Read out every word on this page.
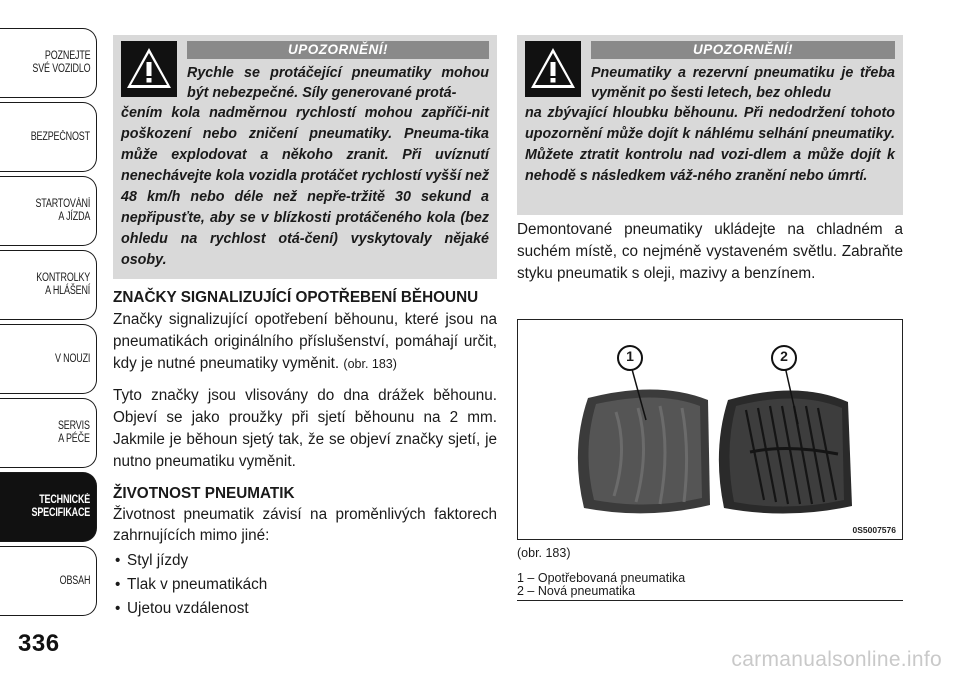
POZNEJTE
SVÉ VOZIDLO
BEZPEČNOST
STARTOVÁNÍ
A JÍZDA
KONTROLKY
A HLÁŠENÍ
V NOUZI
SERVIS
A PÉČE
TECHNICKÉ
SPECIFIKACE
OBSAH
336
UPOZORNĚNÍ!
Rychle se protáčející pneumatiky mohou být nebezpečné. Síly generované protá-
čením kola nadměrnou rychlostí mohou zapříči-nit poškození nebo zničení pneumatiky. Pneuma-tika může explodovat a někoho zranit. Při uvíznutí nenechávejte kola vozidla protáčet rychlostí vyšší než 48 km/h nebo déle než nepře-tržitě 30 sekund a nepřipusťte, aby se v blízkosti protáčeného kola (bez ohledu na rychlost otá-čení) vyskytovaly nějaké osoby.
ZNAČKY SIGNALIZUJÍCÍ OPOTŘEBENÍ BĚHOUNU
Značky signalizující opotřebení běhounu, které jsou na pneumatikách originálního příslušenství, pomáhají určit, kdy je nutné pneumatiky vyměnit. (obr. 183)
Tyto značky jsou vlisovány do dna drážek běhounu. Objeví se jako proužky při sjetí běhounu na 2 mm. Jakmile je běhoun sjetý tak, že se objeví značky sjetí, je nutno pneumatiku vyměnit.
ŽIVOTNOST PNEUMATIK
Životnost pneumatik závisí na proměnlivých faktorech zahrnujících mimo jiné:
• Styl jízdy
• Tlak v pneumatikách
• Ujetou vzdálenost
UPOZORNĚNÍ!
Pneumatiky a rezervní pneumatiku je třeba vyměnit po šesti letech, bez ohledu
na zbývající hloubku běhounu. Při nedodržení tohoto upozornění může dojít k náhlému selhání pneumatiky. Můžete ztratit kontrolu nad vozi-dlem a může dojít k nehodě s následkem váž-ného zranění nebo úmrtí.
Demontované pneumatiky ukládejte na chladném a suchém místě, co nejméně vystaveném světlu. Zabraňte styku pneumatik s oleji, mazivy a benzínem.
1	2
0S5007576
(obr. 183)
1 – Opotřebovaná pneumatika
2 – Nová pneumatika
carmanualsonline.info
